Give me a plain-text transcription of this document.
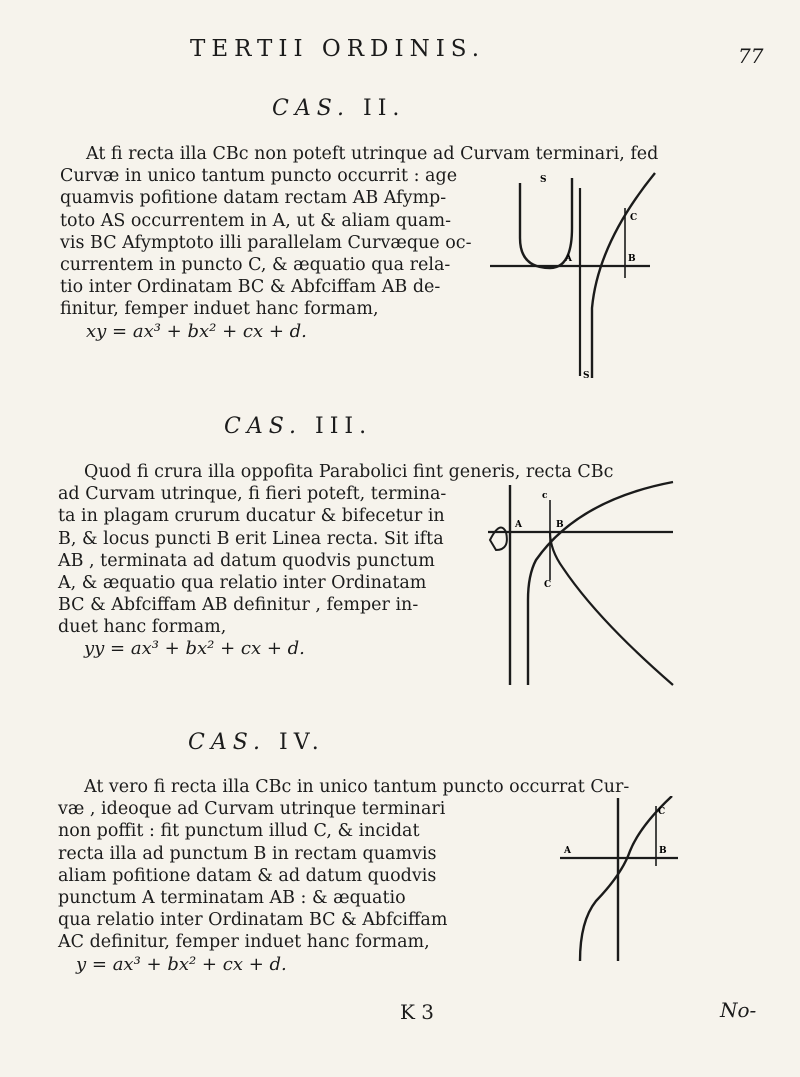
TERTII ORDINIS.	77
CAS. II.
At fi recta illa CBc non poteft utrinque ad Curvam terminari, fed
Curvæ in unico tantum puncto occurrit : age
quamvis pofitione datam rectam AB Afymp-
toto AS occurrentem in A, ut & aliam quam-
vis BC Afymptoto illi parallelam Curvæque oc-
currentem in puncto C, & æquatio qua rela-
tio inter Ordinatam BC & Abfciffam AB de-
finitur, femper induet hanc formam,
xy = ax³ + bx² + cx + d.
S
A	B
C
S
CAS. III.
Quod fi crura illa oppofita Parabolici fint generis, recta CBc
ad Curvam utrinque, fi fieri poteft, termina-
ta in plagam crurum ducatur & bifecetur in
B, & locus puncti B erit Linea recta. Sit ifta
AB , terminata ad datum quodvis punctum
A, & æquatio qua relatio inter Ordinatam
BC & Abfciffam AB definitur , femper in-
duet hanc formam,
yy = ax³ + bx² + cx + d.
A	B
c
C
CAS. IV.
At vero fi recta illa CBc in unico tantum puncto occurrat Cur-
væ , ideoque ad Curvam utrinque terminari
non poffit : fit punctum illud C, & incidat
recta illa ad punctum B in rectam quamvis
aliam pofitione datam & ad datum quodvis
punctum A terminatam AB : & æquatio
qua relatio inter Ordinatam BC & Abfciffam
AC definitur, femper induet hanc formam,
y = ax³ + bx² + cx + d.
A	B
C
K 3	No-
